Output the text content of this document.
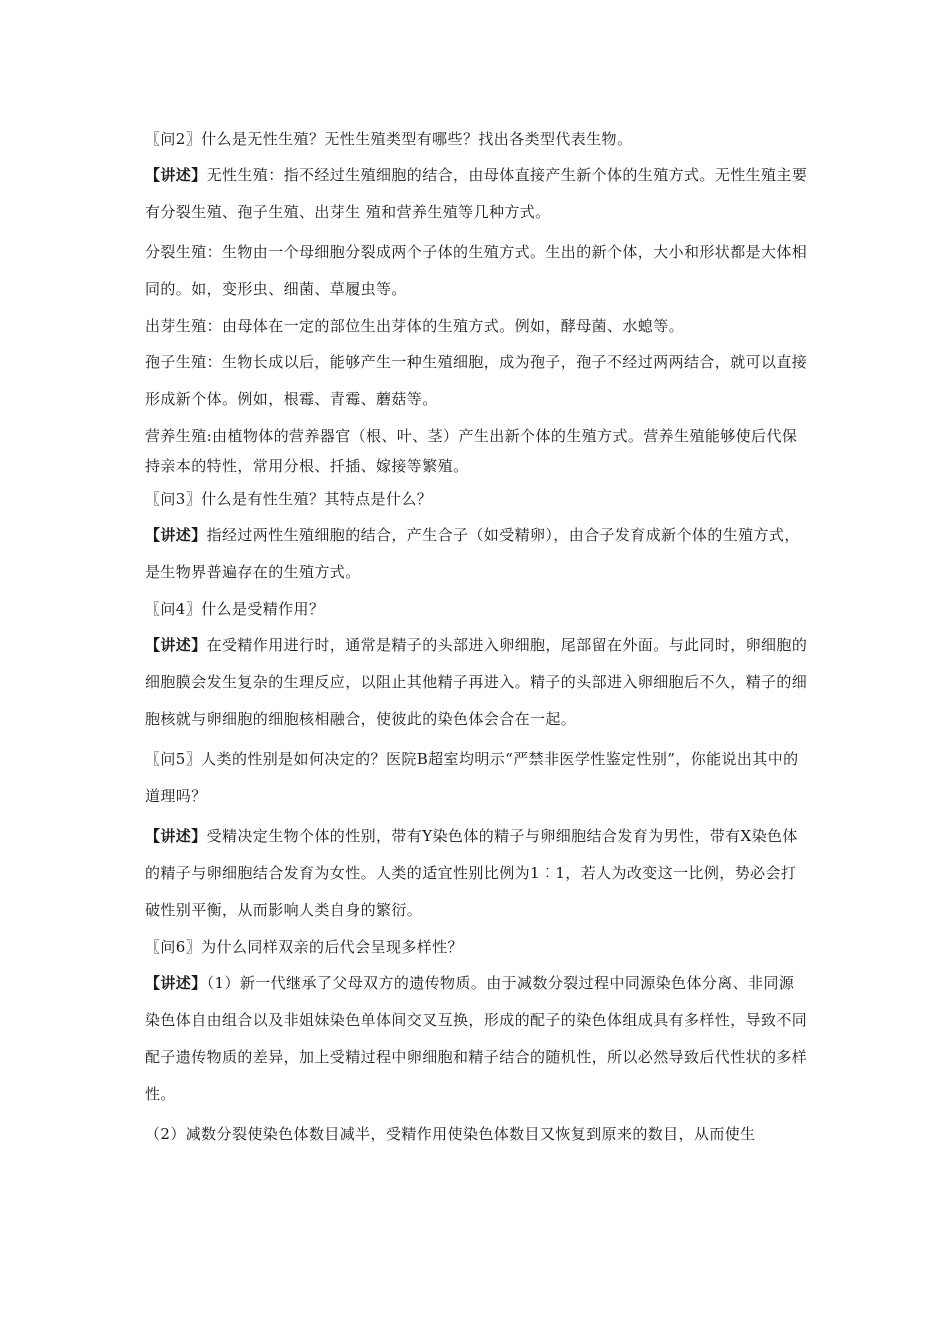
〖问2〗什么是无性生殖？无性生殖类型有哪些？找出各类型代表生物。

【讲述】无性生殖：指不经过生殖细胞的结合，由母体直接产生新个体的生殖方式。无性生殖主要有分裂生殖、孢子生殖、出芽生 殖和营养生殖等几种方式。

分裂生殖：生物由一个母细胞分裂成两个子体的生殖方式。生出的新个体，大小和形状都是大体相同的。如，变形虫、细菌、草履虫等。

出芽生殖：由母体在一定的部位生出芽体的生殖方式。例如，酵母菌、水螅等。

孢子生殖：生物长成以后，能够产生一种生殖细胞，成为孢子，孢子不经过两两结合，就可以直接形成新个体。例如，根霉、青霉、蘑菇等。

营养生殖:由植物体的营养器官（根、叶、茎）产生出新个体的生殖方式。营养生殖能够使后代保持亲本的特性，常用分根、扦插、嫁接等繁殖。

〖问3〗什么是有性生殖？其特点是什么？

【讲述】指经过两性生殖细胞的结合，产生合子（如受精卵），由合子发育成新个体的生殖方式，是生物界普遍存在的生殖方式。

〖问4〗什么是受精作用？

【讲述】在受精作用进行时，通常是精子的头部进入卵细胞，尾部留在外面。与此同时，卵细胞的细胞膜会发生复杂的生理反应，以阻止其他精子再进入。精子的头部进入卵细胞后不久，精子的细胞核就与卵细胞的细胞核相融合，使彼此的染色体会合在一起。

〖问5〗人类的性别是如何决定的？医院B超室均明示“严禁非医学性鉴定性别”，你能说出其中的道理吗？

【讲述】受精决定生物个体的性别，带有Y染色体的精子与卵细胞结合发育为男性，带有X染色体的精子与卵细胞结合发育为女性。人类的适宜性别比例为1︰1，若人为改变这一比例，势必会打破性别平衡，从而影响人类自身的繁衍。

〖问6〗为什么同样双亲的后代会呈现多样性？

【讲述】（1）新一代继承了父母双方的遗传物质。由于减数分裂过程中同源染色体分离、非同源染色体自由组合以及非姐妹染色单体间交叉互换，形成的配子的染色体组成具有多样性，导致不同配子遗传物质的差异，加上受精过程中卵细胞和精子结合的随机性，所以必然导致后代性状的多样性。

（2）减数分裂使染色体数目减半，受精作用使染色体数目又恢复到原来的数目，从而使生
